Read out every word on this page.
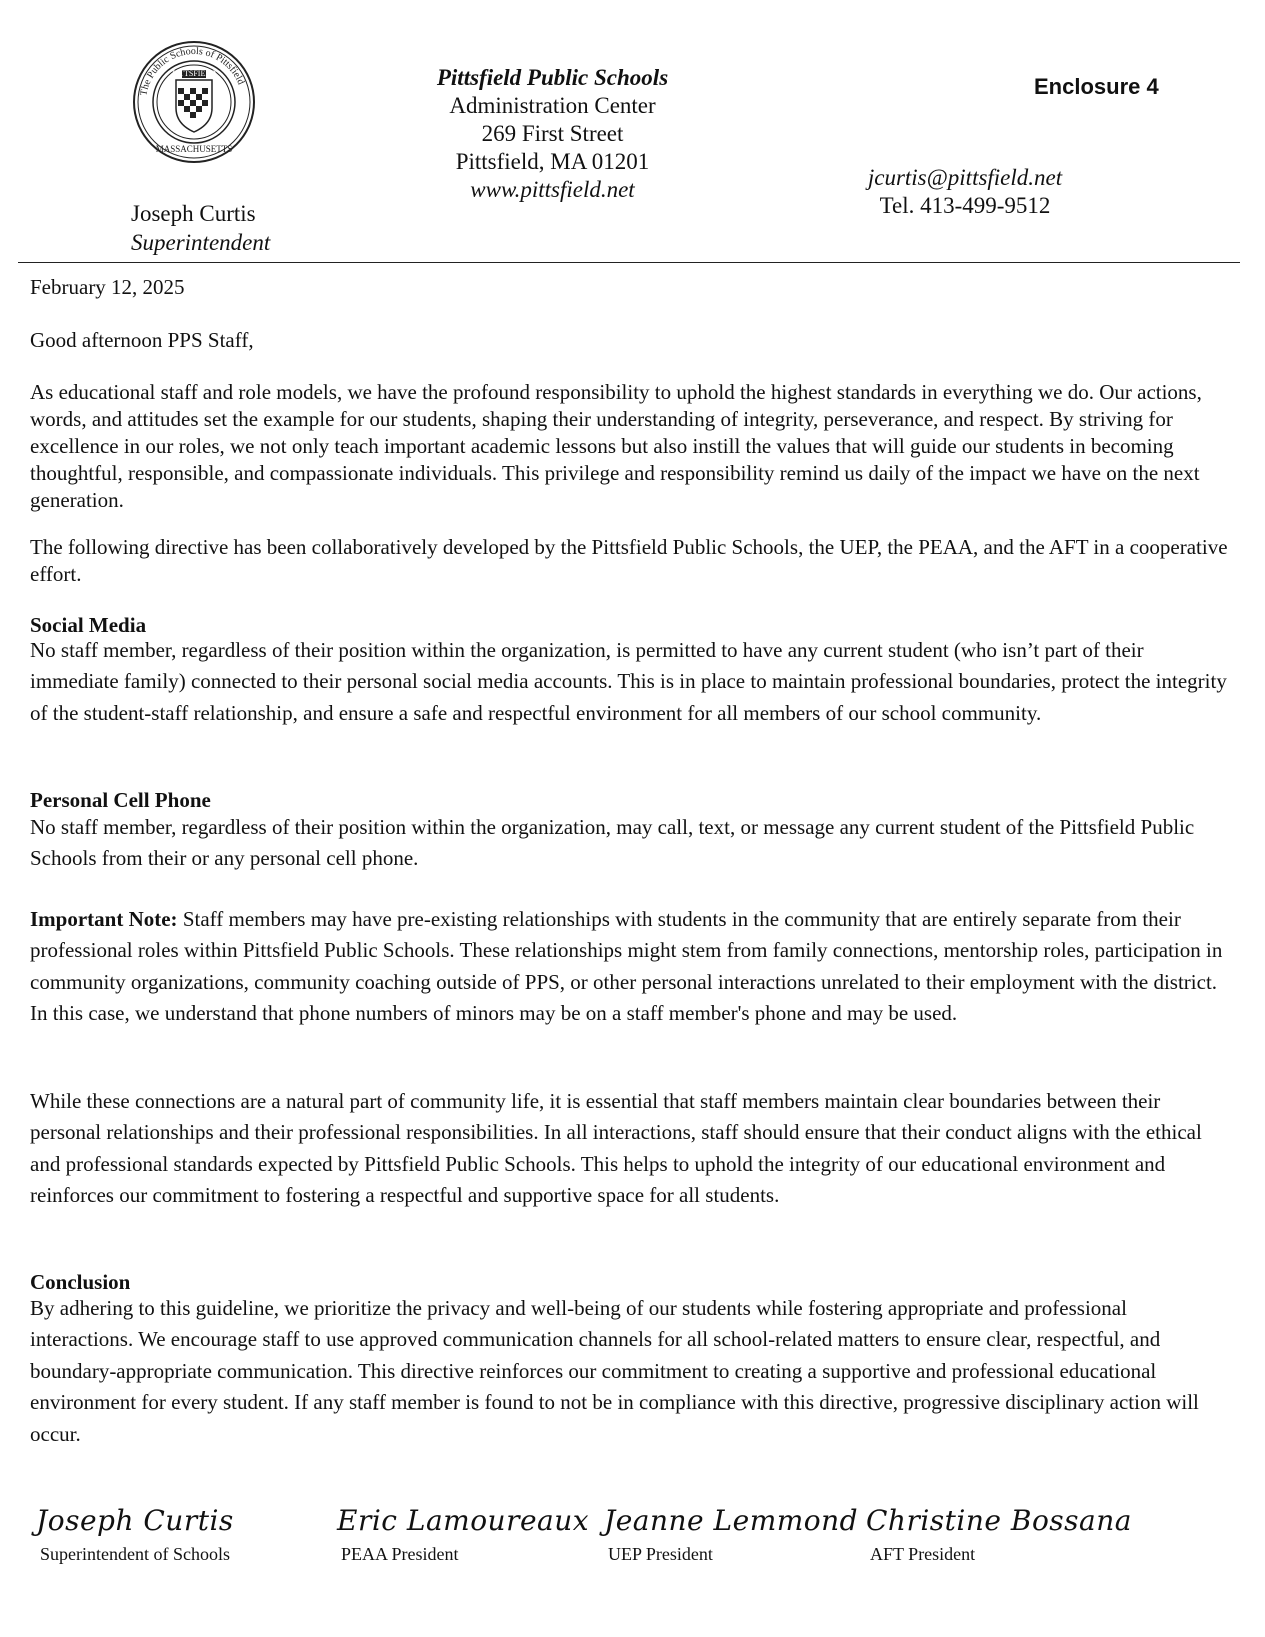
PITTSFIELD
The Public Schools of Pittsfield
MASSACHUSETTS
Joseph Curtis
Superintendent
Pittsfield Public Schools
Administration Center
269 First Street
Pittsfield, MA 01201
www.pittsfield.net
Enclosure 4
jcurtis@pittsfield.net
Tel. 413-499-9512
February 12, 2025
Good afternoon PPS Staff,

As educational staff and role models, we have the profound responsibility to uphold the highest standards in everything we do. Our actions, words, and attitudes set the example for our students, shaping their understanding of integrity, perseverance, and respect. By striving for excellence in our roles, we not only teach important academic lessons but also instill the values that will guide our students in becoming thoughtful, responsible, and compassionate individuals. This privilege and responsibility remind us daily of the impact we have on the next generation.

The following directive has been collaboratively developed by the Pittsfield Public Schools, the UEP, the PEAA, and the AFT in a cooperative effort.

Social Media

No staff member, regardless of their position within the organization, is permitted to have any current student (who isn’t part of their immediate family) connected to their personal social media accounts. This is in place to maintain professional boundaries, protect the integrity of the student-staff relationship, and ensure a safe and respectful environment for all members of our school community.

Personal Cell Phone

No staff member, regardless of their position within the organization, may call, text, or message any current student of the Pittsfield Public Schools from their or any personal cell phone.

Important Note: Staff members may have pre-existing relationships with students in the community that are entirely separate from their professional roles within Pittsfield Public Schools. These relationships might stem from family connections, mentorship roles, participation in community organizations, community coaching outside of PPS, or other personal interactions unrelated to their employment with the district. In this case, we understand that phone numbers of minors may be on a staff member's phone and may be used.

While these connections are a natural part of community life, it is essential that staff members maintain clear boundaries between their personal relationships and their professional responsibilities. In all interactions, staff should ensure that their conduct aligns with the ethical and professional standards expected by Pittsfield Public Schools. This helps to uphold the integrity of our educational environment and reinforces our commitment to fostering a respectful and supportive space for all students.

Conclusion

By adhering to this guideline, we prioritize the privacy and well-being of our students while fostering appropriate and professional interactions. We encourage staff to use approved communication channels for all school-related matters to ensure clear, respectful, and boundary-appropriate communication. This directive reinforces our commitment to creating a supportive and professional educational environment for every student. If any staff member is found to not be in compliance with this directive, progressive disciplinary action will occur.

Joseph Curtis
Superintendent of Schools
Eric Lamoureaux
PEAA President
Jeanne Lemmond
UEP President
Christine Bossana
AFT President
